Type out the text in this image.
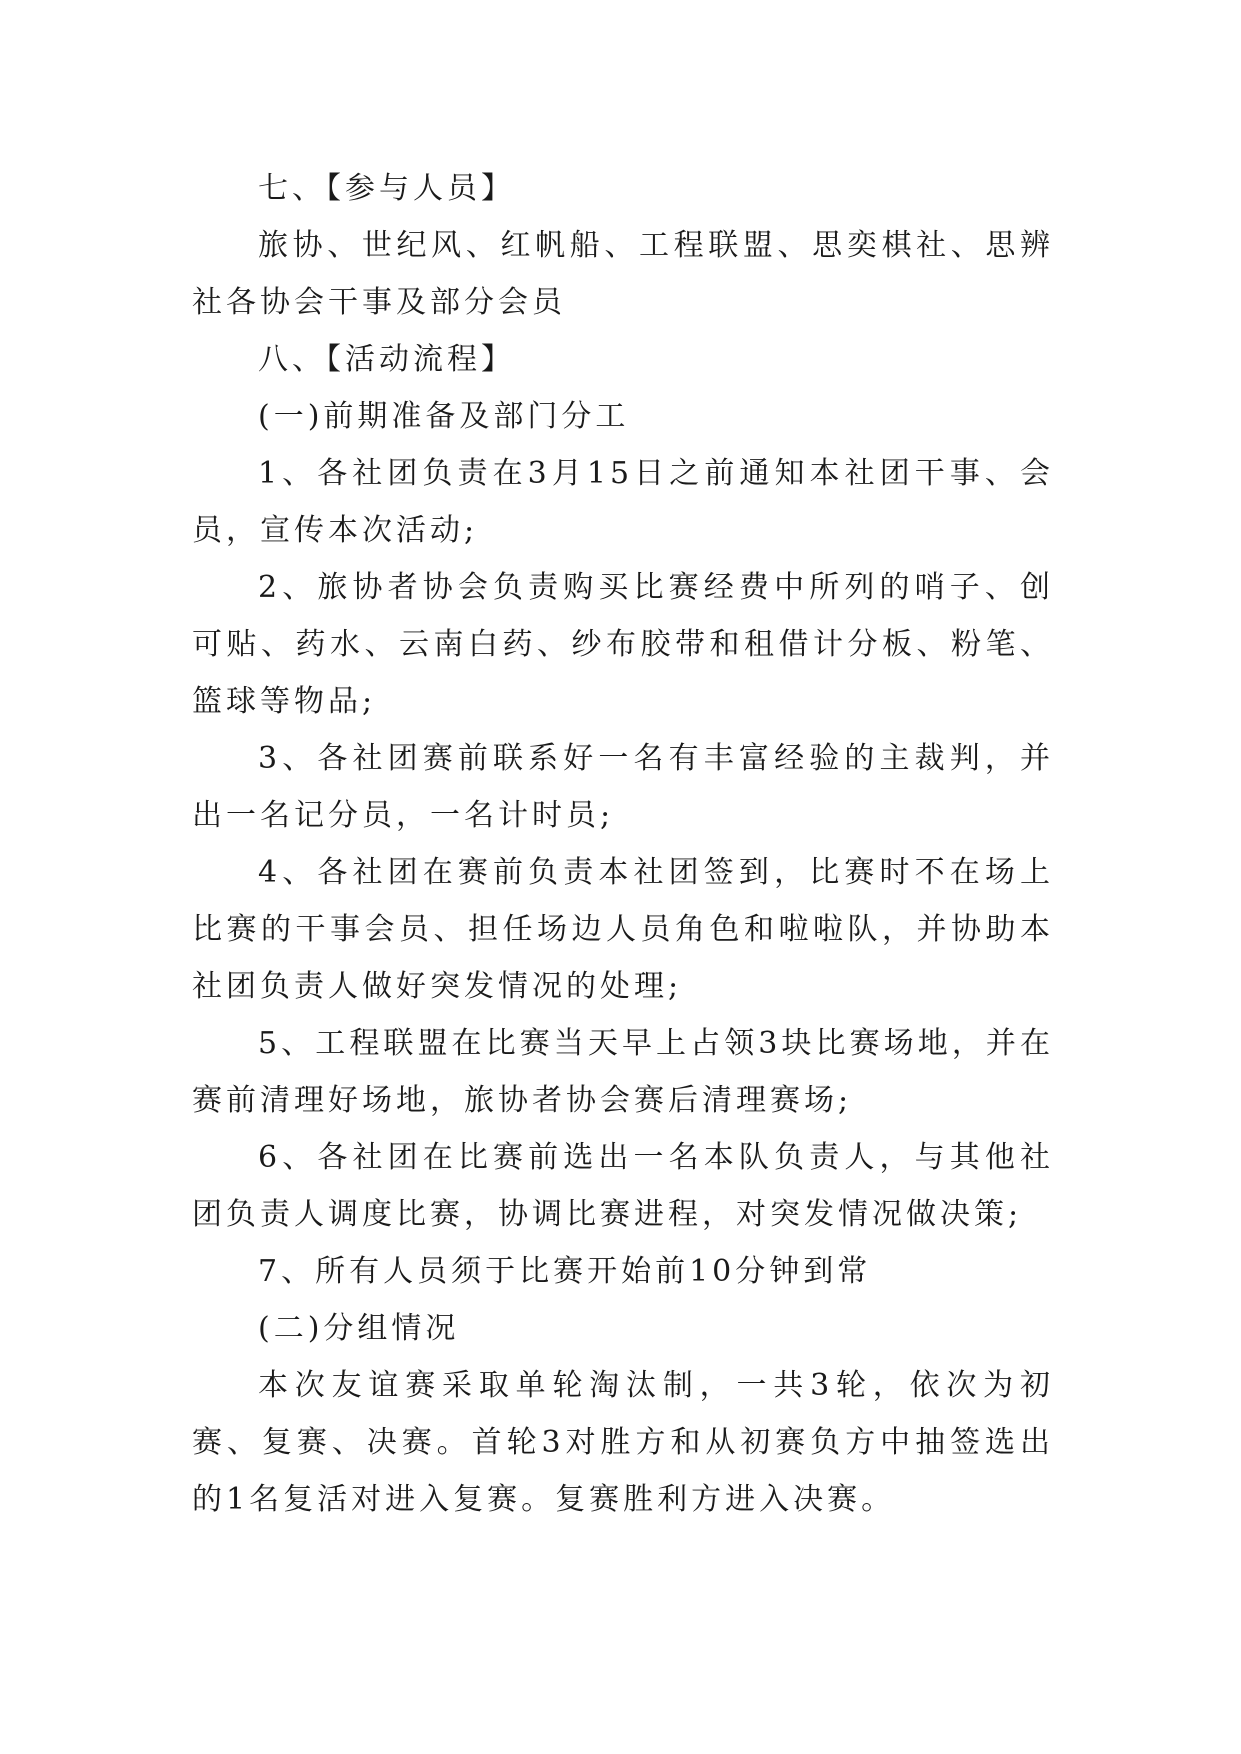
七、【参与人员】

旅协、世纪风、红帆船、工程联盟、思奕棋社、思辨社各协会干事及部分会员

八、【活动流程】

(一)前期准备及部门分工

1、各社团负责在3月15日之前通知本社团干事、会员，宣传本次活动;

2、旅协者协会负责购买比赛经费中所列的哨子、创可贴、药水、云南白药、纱布胶带和租借计分板、粉笔、篮球等物品;

3、各社团赛前联系好一名有丰富经验的主裁判，并出一名记分员，一名计时员;

4、各社团在赛前负责本社团签到，比赛时不在场上比赛的干事会员、担任场边人员角色和啦啦队，并协助本社团负责人做好突发情况的处理;

5、工程联盟在比赛当天早上占领3块比赛场地，并在赛前清理好场地，旅协者协会赛后清理赛场;

6、各社团在比赛前选出一名本队负责人，与其他社团负责人调度比赛，协调比赛进程，对突发情况做决策;

7、所有人员须于比赛开始前10分钟到常

(二)分组情况

本次友谊赛采取单轮淘汰制，一共3轮，依次为初赛、复赛、决赛。首轮3对胜方和从初赛负方中抽签选出的1名复活对进入复赛。复赛胜利方进入决赛。
